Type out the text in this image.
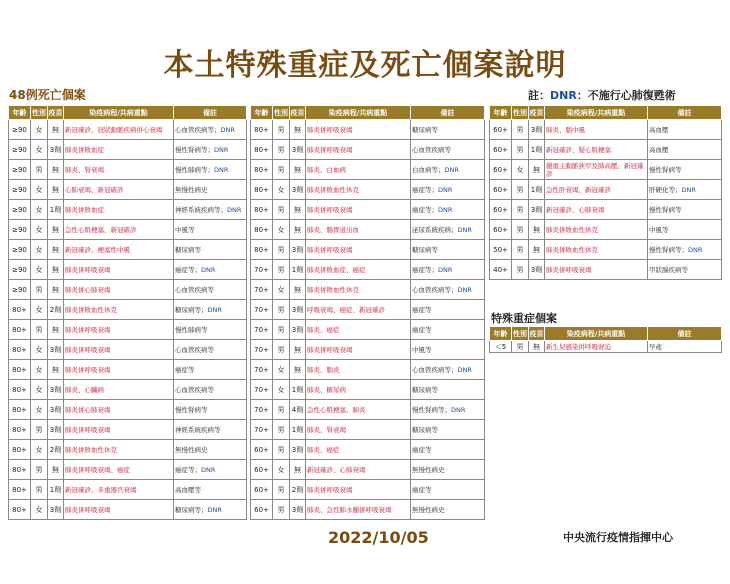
本土特殊重症及死亡個案說明
48例死亡個案	註：DNR：不施行心肺復甦術
年齡	性別	疫苗	染疫病程/共病重點	備註
≥90	女	無	新冠確診、冠狀動脈疾病併心衰竭	心血管疾病等；DNR
≥90	女	3劑	肺炎併敗血症	慢性腎病等；DNR
≥90	男	無	肺炎、腎衰竭	慢性肺病等；DNR
≥90	女	無	心肺衰竭、新冠確診	無慢性病史
≥90	女	1劑	肺炎併敗血症	神經系統疾病等；DNR
≥90	女	無	急性心肌梗塞、新冠確診	中風等
≥90	女	無	新冠確診、梗塞性中風	糖尿病等
≥90	女	無	肺炎併呼吸衰竭	癌症等；DNR
≥90	男	無	肺炎併心肺衰竭	心血管疾病等
80+	女	2劑	肺炎併敗血性休克	糖尿病等；DNR
80+	男	無	肺炎併呼吸衰竭	慢性肺病等
80+	女	3劑	肺炎併呼吸衰竭	心血管疾病等
80+	女	無	肺炎併呼吸衰竭	癌症等
80+	女	3劑	肺炎、心臟病	心血管疾病等
80+	女	3劑	肺炎併心肺衰竭	慢性腎病等
80+	男	3劑	肺炎併呼吸衰竭	神經系統疾病等
80+	女	2劑	肺炎併敗血性休克	無慢性病史
80+	男	無	肺炎併呼吸衰竭、癌症	癌症等；DNR
80+	男	1劑	新冠確診、多重器官衰竭	高血壓等
80+	女	3劑	肺炎併呼吸衰竭	糖尿病等；DNR
年齡	性別	疫苗	染疫病程/共病重點	備註
80+	男	無	肺炎併呼吸衰竭	糖尿病等
80+	男	3劑	肺炎併呼吸衰竭	心血管疾病等
80+	男	無	肺炎、白血病	白血病等；DNR
80+	女	3劑	肺炎併敗血性休克	癌症等；DNR
80+	男	無	肺炎併呼吸衰竭	癌症等；DNR
80+	女	無	肺炎、腸胃道出血	泌尿系統疾病；DNR
80+	男	3劑	肺炎併呼吸衰竭	糖尿病等
70+	男	1劑	肺炎併敗血症、癌症	癌症等；DNR
70+	女	無	肺炎併敗血性休克	心血管疾病等；DNR
70+	男	3劑	呼吸衰竭、癌症、新冠確診	癌症等
70+	男	3劑	肺炎、癌症	癌症等
70+	男	無	肺炎併呼吸衰竭	中風等
70+	女	無	肺炎、腦炎	心血管疾病等；DNR
70+	女	1劑	肺炎、糖尿病	糖尿病等
70+	男	4劑	急性心肌梗塞、肺炎	慢性腎病等；DNR
70+	男	1劑	肺炎、腎衰竭	糖尿病等
60+	男	3劑	肺炎、癌症	癌症等
60+	女	無	新冠確診、心肺衰竭	無慢性病史
60+	男	2劑	肺炎併呼吸衰竭	癌症等
60+	男	3劑	肺炎、急性肺水腫併呼吸衰竭	無慢性病史
年齡	性別	疫苗	染疫病程/共病重點	備註
60+	男	3劑	肺炎、腦中風	高血壓
60+	男	1劑	新冠確診、疑心肌梗塞	高血壓
60+	女	無	嚴重主動脈狹窄及肺高壓、新冠確診	慢性腎病等
60+	男	1劑	急性肝衰竭、新冠確診	肝硬化等；DNR
60+	男	3劑	新冠確診、心肺衰竭	慢性腎病等
60+	男	無	肺炎併敗血性休克	中風等
50+	男	無	肺炎併敗血性休克	慢性腎病等；DNR
40+	男	3劑	肺炎併呼吸衰竭	甲狀腺疾病等
特殊重症個案
年齡	性別	疫苗	染疫病程/共病重點	備註
＜5	男	無	新生兒感染併呼吸窘迫	早產
2022/10/05	中央流行疫情指揮中心
